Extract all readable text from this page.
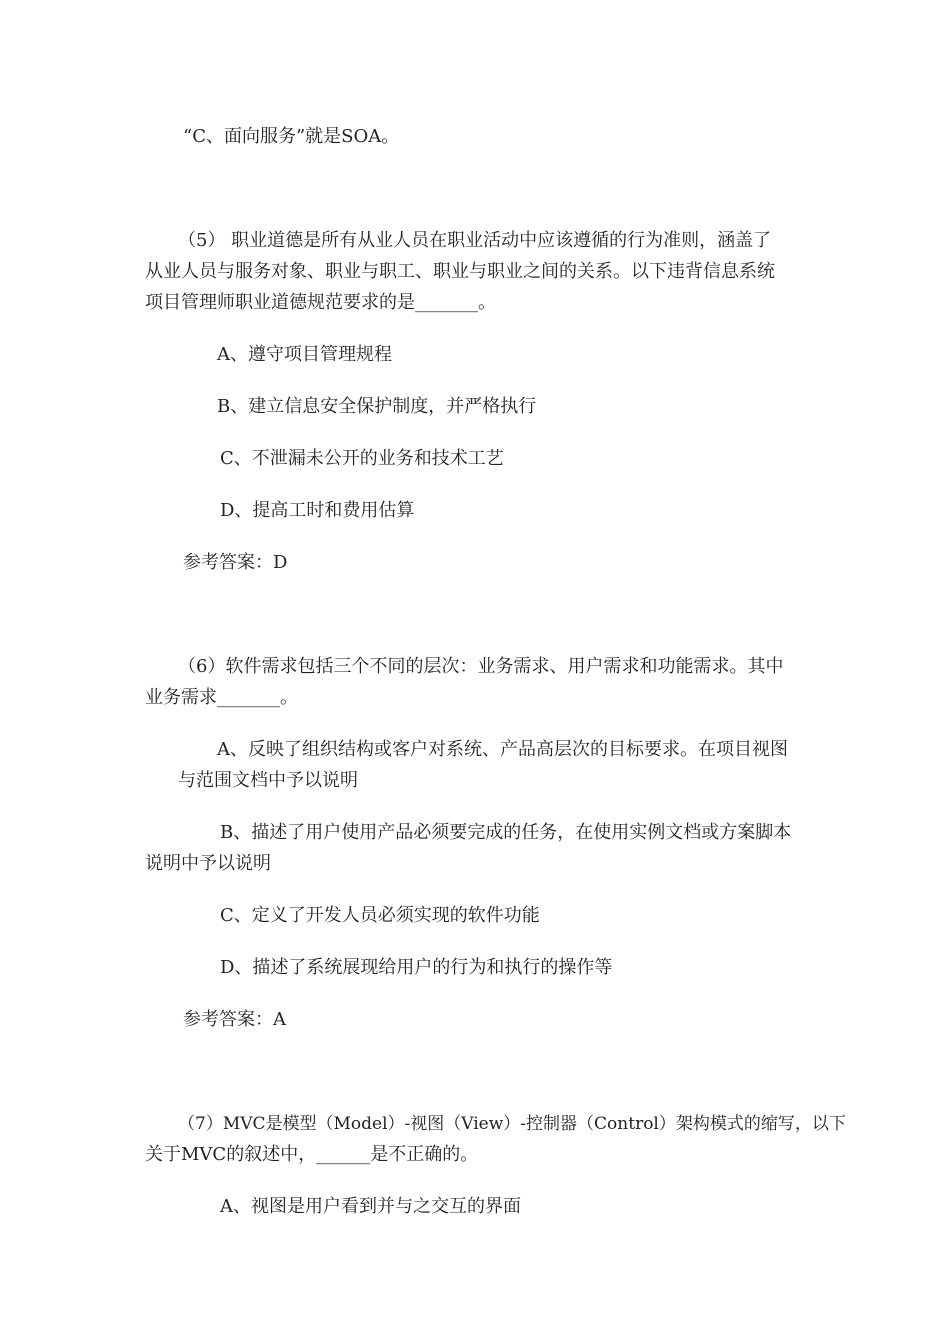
“C、面向服务”就是SOA。

（5） 职业道德是所有从业人员在职业活动中应该遵循的行为准则，涵盖了

从业人员与服务对象、职业与职工、职业与职业之间的关系。以下违背信息系统

项目管理师职业道德规范要求的是_______。

A、遵守项目管理规程

B、建立信息安全保护制度，并严格执行

C、不泄漏未公开的业务和技术工艺

D、提高工时和费用估算

参考答案：D

（6）软件需求包括三个不同的层次：业务需求、用户需求和功能需求。其中

业务需求_______。

A、反映了组织结构或客户对系统、产品高层次的目标要求。在项目视图

与范围文档中予以说明

B、描述了用户使用产品必须要完成的任务，在使用实例文档或方案脚本

说明中予以说明

C、定义了开发人员必须实现的软件功能

D、描述了系统展现给用户的行为和执行的操作等

参考答案：A

（7）MVC是模型（Model）-视图（View）-控制器（Control）架构模式的缩写，以下

关于MVC的叙述中，______是不正确的。

A、视图是用户看到并与之交互的界面
